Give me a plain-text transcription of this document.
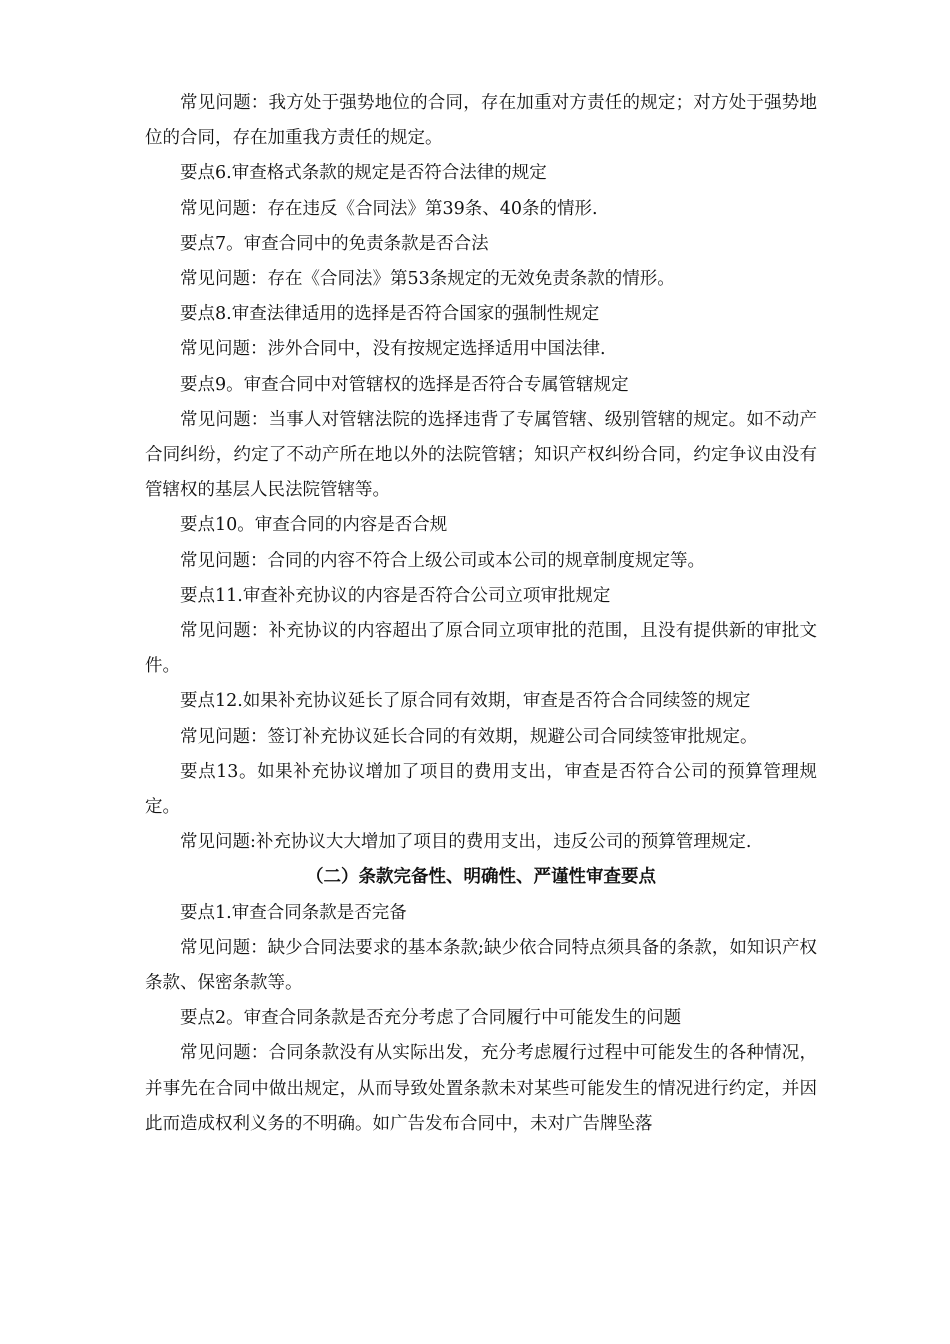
常见问题：我方处于强势地位的合同，存在加重对方责任的规定；对方处于强势地位的合同，存在加重我方责任的规定。

要点6.审查格式条款的规定是否符合法律的规定

常见问题：存在违反《合同法》第39条、40条的情形.

要点7。审查合同中的免责条款是否合法

常见问题：存在《合同法》第53条规定的无效免责条款的情形。

要点8.审查法律适用的选择是否符合国家的强制性规定

常见问题：涉外合同中，没有按规定选择适用中国法律.

要点9。审查合同中对管辖权的选择是否符合专属管辖规定

常见问题：当事人对管辖法院的选择违背了专属管辖、级别管辖的规定。如不动产合同纠纷，约定了不动产所在地以外的法院管辖；知识产权纠纷合同，约定争议由没有管辖权的基层人民法院管辖等。

要点10。审查合同的内容是否合规

常见问题：合同的内容不符合上级公司或本公司的规章制度规定等。

要点11.审查补充协议的内容是否符合公司立项审批规定

常见问题：补充协议的内容超出了原合同立项审批的范围，且没有提供新的审批文件。

要点12.如果补充协议延长了原合同有效期，审查是否符合合同续签的规定

常见问题：签订补充协议延长合同的有效期，规避公司合同续签审批规定。

要点13。如果补充协议增加了项目的费用支出，审查是否符合公司的预算管理规定。

常见问题:补充协议大大增加了项目的费用支出，违反公司的预算管理规定.

（二）条款完备性、明确性、严谨性审查要点

要点1.审查合同条款是否完备

常见问题：缺少合同法要求的基本条款;缺少依合同特点须具备的条款，如知识产权条款、保密条款等。

要点2。审查合同条款是否充分考虑了合同履行中可能发生的问题

常见问题：合同条款没有从实际出发，充分考虑履行过程中可能发生的各种情况，并事先在合同中做出规定，从而导致处置条款未对某些可能发生的情况进行约定，并因此而造成权利义务的不明确。如广告发布合同中，未对广告牌坠落
